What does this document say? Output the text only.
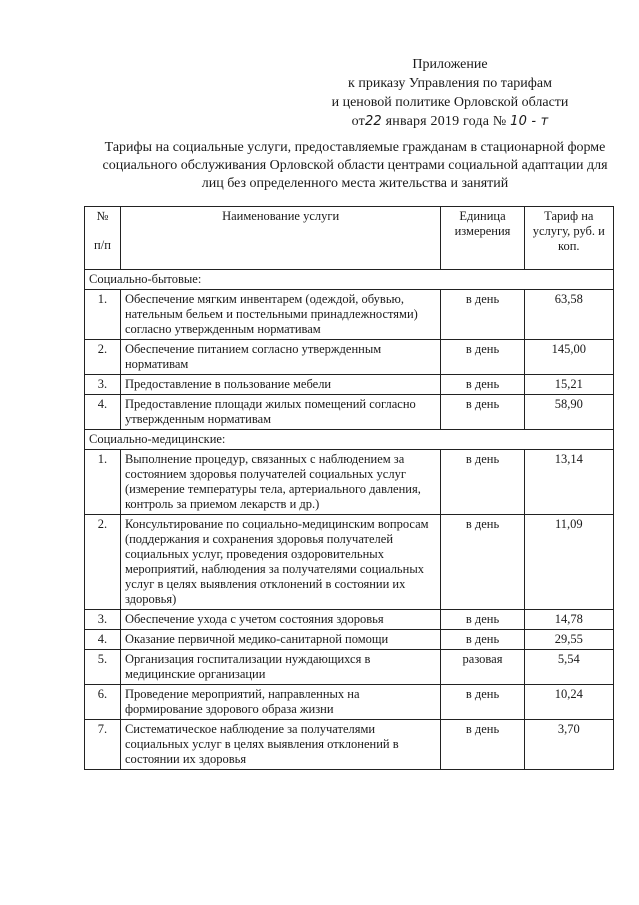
Приложение
к приказу Управления по тарифам
и ценовой политике Орловской области
от22 января 2019 года № 10 - т
Тарифы на социальные услуги, предоставляемые гражданам в стационарной форме социального обслуживания Орловской области центрами социальной адаптации для лиц без определенного места жительства и занятий
№
п/п	Наименование услуги	Единица измерения	Тариф на услугу, руб. и коп.
Социально-бытовые:			
1.	Обеспечение мягким инвентарем (одеждой, обувью, нательным бельем и постельными принадлежностями) согласно утвержденным нормативам	в день	63,58
2.	Обеспечение питанием согласно утвержденным нормативам	в день	145,00
3.	Предоставление в пользование мебели	в день	15,21
4.	Предоставление площади жилых помещений согласно утвержденным нормативам	в день	58,90
Социально-медицинские:			
1.	Выполнение процедур, связанных с наблюдением за состоянием здоровья получателей социальных услуг (измерение температуры тела, артериального давления, контроль за приемом лекарств и др.)	в день	13,14
2.	Консультирование по социально-медицинским вопросам (поддержания и сохранения здоровья получателей социальных услуг, проведения оздоровительных мероприятий, наблюдения за получателями социальных услуг в целях выявления отклонений в состоянии их здоровья)	в день	11,09
3.	Обеспечение ухода с учетом состояния здоровья	в день	14,78
4.	Оказание первичной медико-санитарной помощи	в день	29,55
5.	Организация госпитализации нуждающихся в медицинские организации	разовая	5,54
6.	Проведение мероприятий, направленных на формирование здорового образа жизни	в день	10,24
7.	Систематическое наблюдение за получателями социальных услуг в целях выявления отклонений в состоянии их здоровья	в день	3,70
